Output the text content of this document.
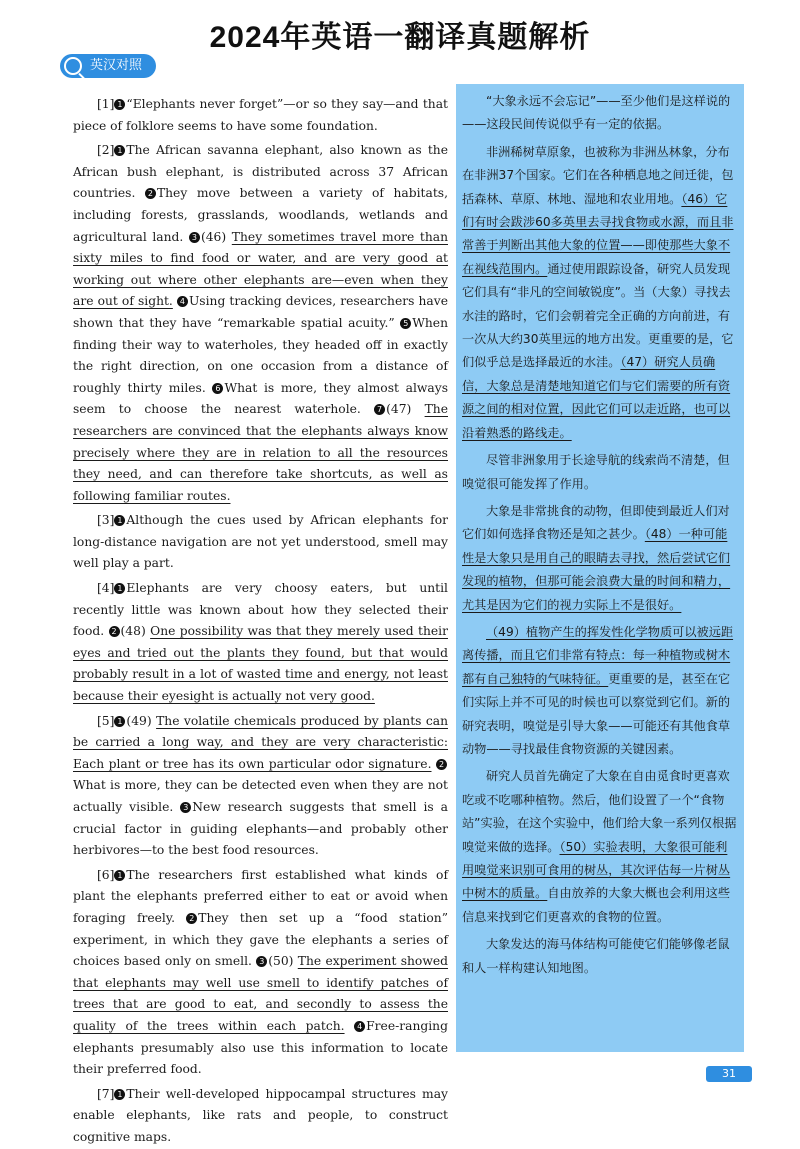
2024年英语一翻译真题解析
英汉对照

[1] 1 “Elephants never forget”—or so they say—and that piece of folklore seems to have some foundation.

[2] 1 The African savanna elephant, also known as the African bush elephant, is distributed across 37 African countries. 2 They move between a variety of habitats, including forests, grasslands, woodlands, wetlands and agricultural land. 3 (46) They sometimes travel more than sixty miles to find food or water, and are very good at working out where other elephants are—even when they are out of sight. 4 Using tracking devices, researchers have shown that they have “remarkable spatial acuity.” 5 When finding their way to waterholes, they headed off in exactly the right direction, on one occasion from a distance of roughly thirty miles. 6 What is more, they almost always seem to choose the nearest waterhole. 7 (47) The researchers are convinced that the elephants always know precisely where they are in relation to all the resources they need, and can therefore take shortcuts, as well as following familiar routes.

[3] 1 Although the cues used by African elephants for long-distance navigation are not yet understood, smell may well play a part.

[4] 1 Elephants are very choosy eaters, but until recently little was known about how they selected their food. 2 (48) One possibility was that they merely used their eyes and tried out the plants they found, but that would probably result in a lot of wasted time and energy, not least because their eyesight is actually not very good.

[5] 1 (49) The volatile chemicals produced by plants can be carried a long way, and they are very characteristic: Each plant or tree has its own particular odor signature. 2What is more, they can be detected even when they are not actually visible. 3 New research suggests that smell is a crucial factor in guiding elephants—and probably other herbivores—to the best food resources.

[6] 1 The researchers first established what kinds of plant the elephants preferred either to eat or avoid when foraging freely. 2 They then set up a “food station” experiment, in which they gave the elephants a series of choices based only on smell. 3 (50) The experiment showed that elephants may well use smell to identify patches of trees that are good to eat, and secondly to assess the quality of the trees within each patch. 4 Free-ranging elephants presumably also use this information to locate their preferred food.

[7] 1 Their well-developed hippocampal structures may enable elephants, like rats and people, to construct cognitive maps.

“大象永远不会忘记”——至少他们是这样说的——这段民间传说似乎有一定的依据。

非洲稀树草原象，也被称为非洲丛林象，分布在非洲37个国家。它们在各种栖息地之间迁徙，包括森林、草原、林地、湿地和农业用地。（46）它们有时会跋涉60多英里去寻找食物或水源，而且非常善于判断出其他大象的位置——即使那些大象不在视线范围内。通过使用跟踪设备，研究人员发现它们具有“非凡的空间敏锐度”。当（大象）寻找去水洼的路时，它们会朝着完全正确的方向前进，有一次从大约30英里远的地方出发。更重要的是，它们似乎总是选择最近的水洼。（47）研究人员确信，大象总是清楚地知道它们与它们需要的所有资源之间的相对位置，因此它们可以走近路，也可以沿着熟悉的路线走。

尽管非洲象用于长途导航的线索尚不清楚，但嗅觉很可能发挥了作用。

大象是非常挑食的动物，但即使到最近人们对它们如何选择食物还是知之甚少。（48）一种可能性是大象只是用自己的眼睛去寻找，然后尝试它们发现的植物，但那可能会浪费大量的时间和精力，尤其是因为它们的视力实际上不是很好。

（49）植物产生的挥发性化学物质可以被远距离传播，而且它们非常有特点：每一种植物或树木都有自己独特的气味特征。更重要的是，甚至在它们实际上并不可见的时候也可以察觉到它们。新的研究表明，嗅觉是引导大象——可能还有其他食草动物——寻找最佳食物资源的关键因素。

研究人员首先确定了大象在自由觅食时更喜欢吃或不吃哪种植物。然后，他们设置了一个“食物站”实验，在这个实验中，他们给大象一系列仅根据嗅觉来做的选择。（50）实验表明，大象很可能利用嗅觉来识别可食用的树丛，其次评估每一片树丛中树木的质量。自由放养的大象大概也会利用这些信息来找到它们更喜欢的食物的位置。

大象发达的海马体结构可能使它们能够像老鼠和人一样构建认知地图。

31
